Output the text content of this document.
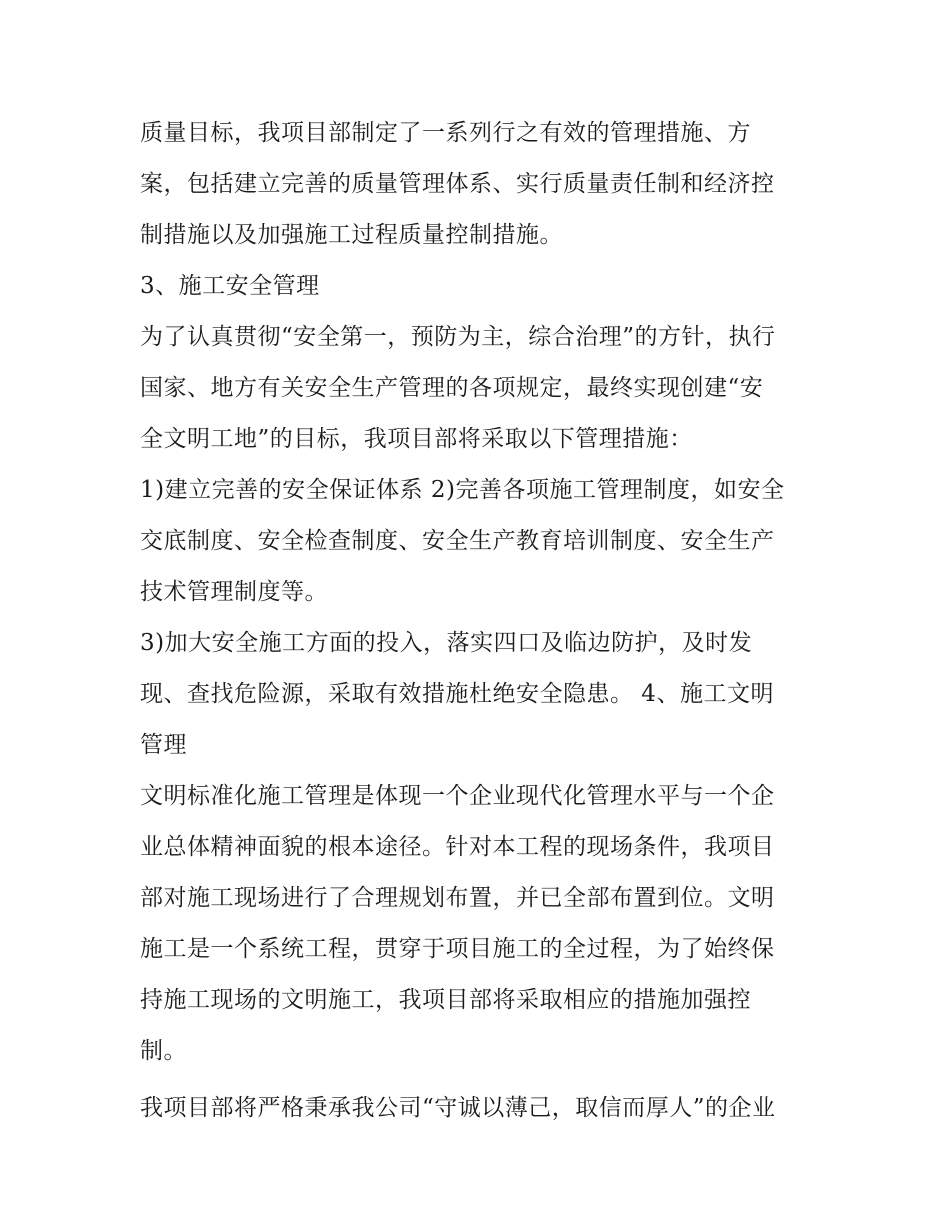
质量目标，我项目部制定了一系列行之有效的管理措施、方
案，包括建立完善的质量管理体系、实行质量责任制和经济控
制措施以及加强施工过程质量控制措施。
3、施工安全管理
为了认真贯彻“安全第一，预防为主，综合治理”的方针，执行
国家、地方有关安全生产管理的各项规定，最终实现创建“安
全文明工地”的目标，我项目部将采取以下管理措施：
1)建立完善的安全保证体系 2)完善各项施工管理制度，如安全
交底制度、安全检查制度、安全生产教育培训制度、安全生产
技术管理制度等。
3)加大安全施工方面的投入，落实四口及临边防护，及时发
现、查找危险源，采取有效措施杜绝安全隐患。 4、施工文明
管理
文明标准化施工管理是体现一个企业现代化管理水平与一个企
业总体精神面貌的根本途径。针对本工程的现场条件，我项目
部对施工现场进行了合理规划布置，并已全部布置到位。文明
施工是一个系统工程，贯穿于项目施工的全过程，为了始终保
持施工现场的文明施工，我项目部将采取相应的措施加强控
制。
我项目部将严格秉承我公司“守诚以薄己，取信而厚人”的企业
